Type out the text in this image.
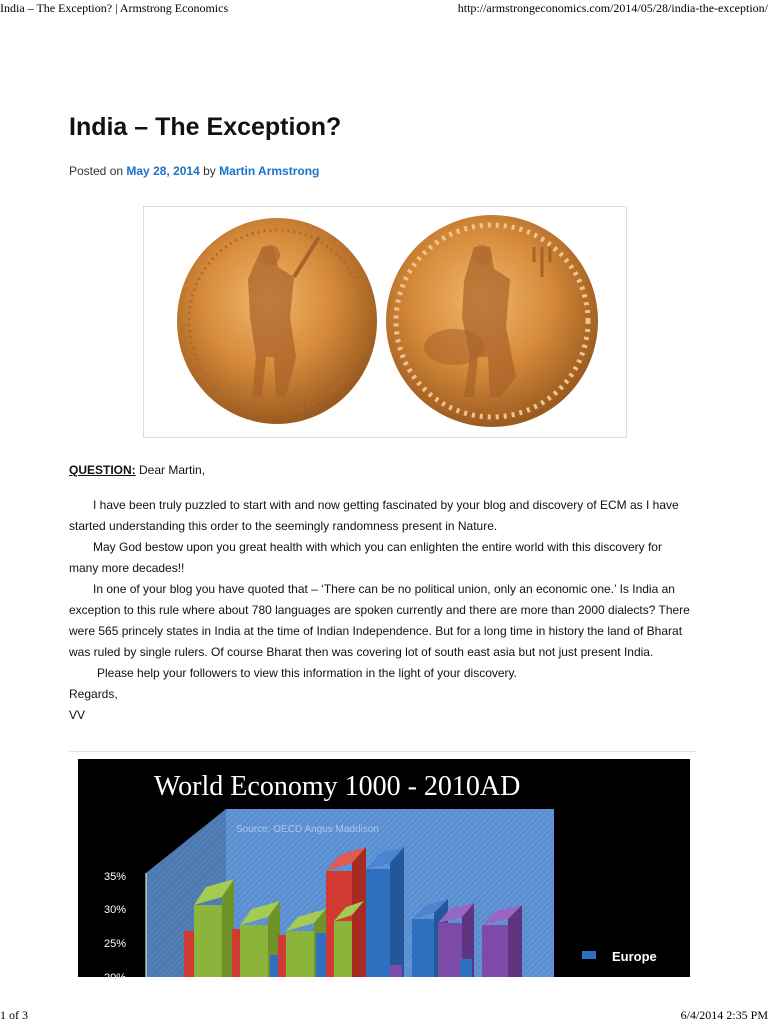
India – The Exception? | Armstrong Economics	http://armstrongeconomics.com/2014/05/28/india-the-exception/
India – The Exception?
Posted on May 28, 2014 by Martin Armstrong

QUESTION: Dear Martin,

I have been truly puzzled to start with and now getting fascinated by your blog and discovery of ECM as I have started understanding this order to the seemingly randomness present in Nature.

May God bestow upon you great health with which you can enlighten the entire world with this discovery for many more decades!!

In one of your blog you have quoted that – ‘There can be no political union, only an economic one.’ Is India an exception to this rule where about 780 languages are spoken currently and there are more than 2000 dialects? There were 565 princely states in India at the time of Indian Independence. But for a long time in history the land of Bharat was ruled by single rulers. Of course Bharat then was covering lot of south east asia but not just present India.

Please help your followers to view this information in the light of your discovery.

Regards,

VV

World Economy 1000 - 2010AD
Source: OECD Angus Maddison
35%
30%
25%
20%
Europe
1 of 3	6/4/2014 2:35 PM
